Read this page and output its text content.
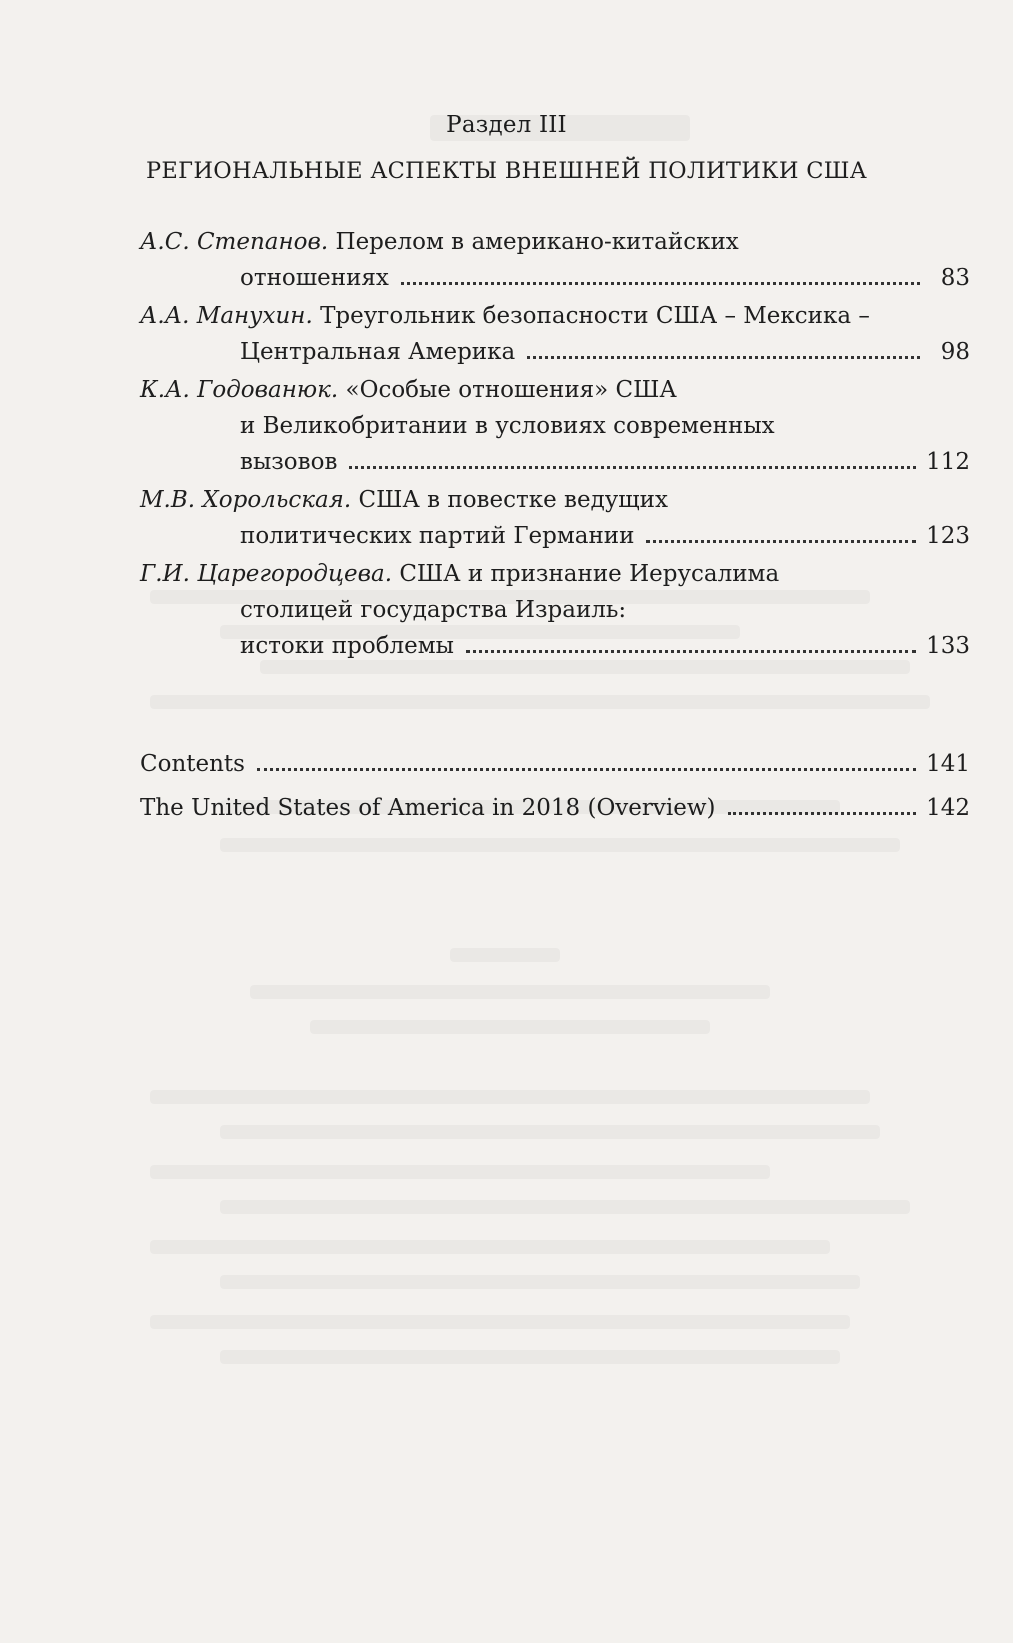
Раздел III
РЕГИОНАЛЬНЫЕ АСПЕКТЫ ВНЕШНЕЙ ПОЛИТИКИ США
А.С. Степанов. Перелом в американо-китайских
отношениях	83
А.А. Манухин. Треугольник безопасности США – Мексика –
Центральная Америка	98
К.А. Годованюк. «Особые отношения» США
и Великобритании в условиях современных
вызовов	112
М.В. Хорольская. США в повестке ведущих
политических партий Германии	123
Г.И. Царегородцева. США и признание Иерусалима
столицей государства Израиль:
истоки проблемы	133
Contents	141
The United States of America in 2018 (Overview)	142
